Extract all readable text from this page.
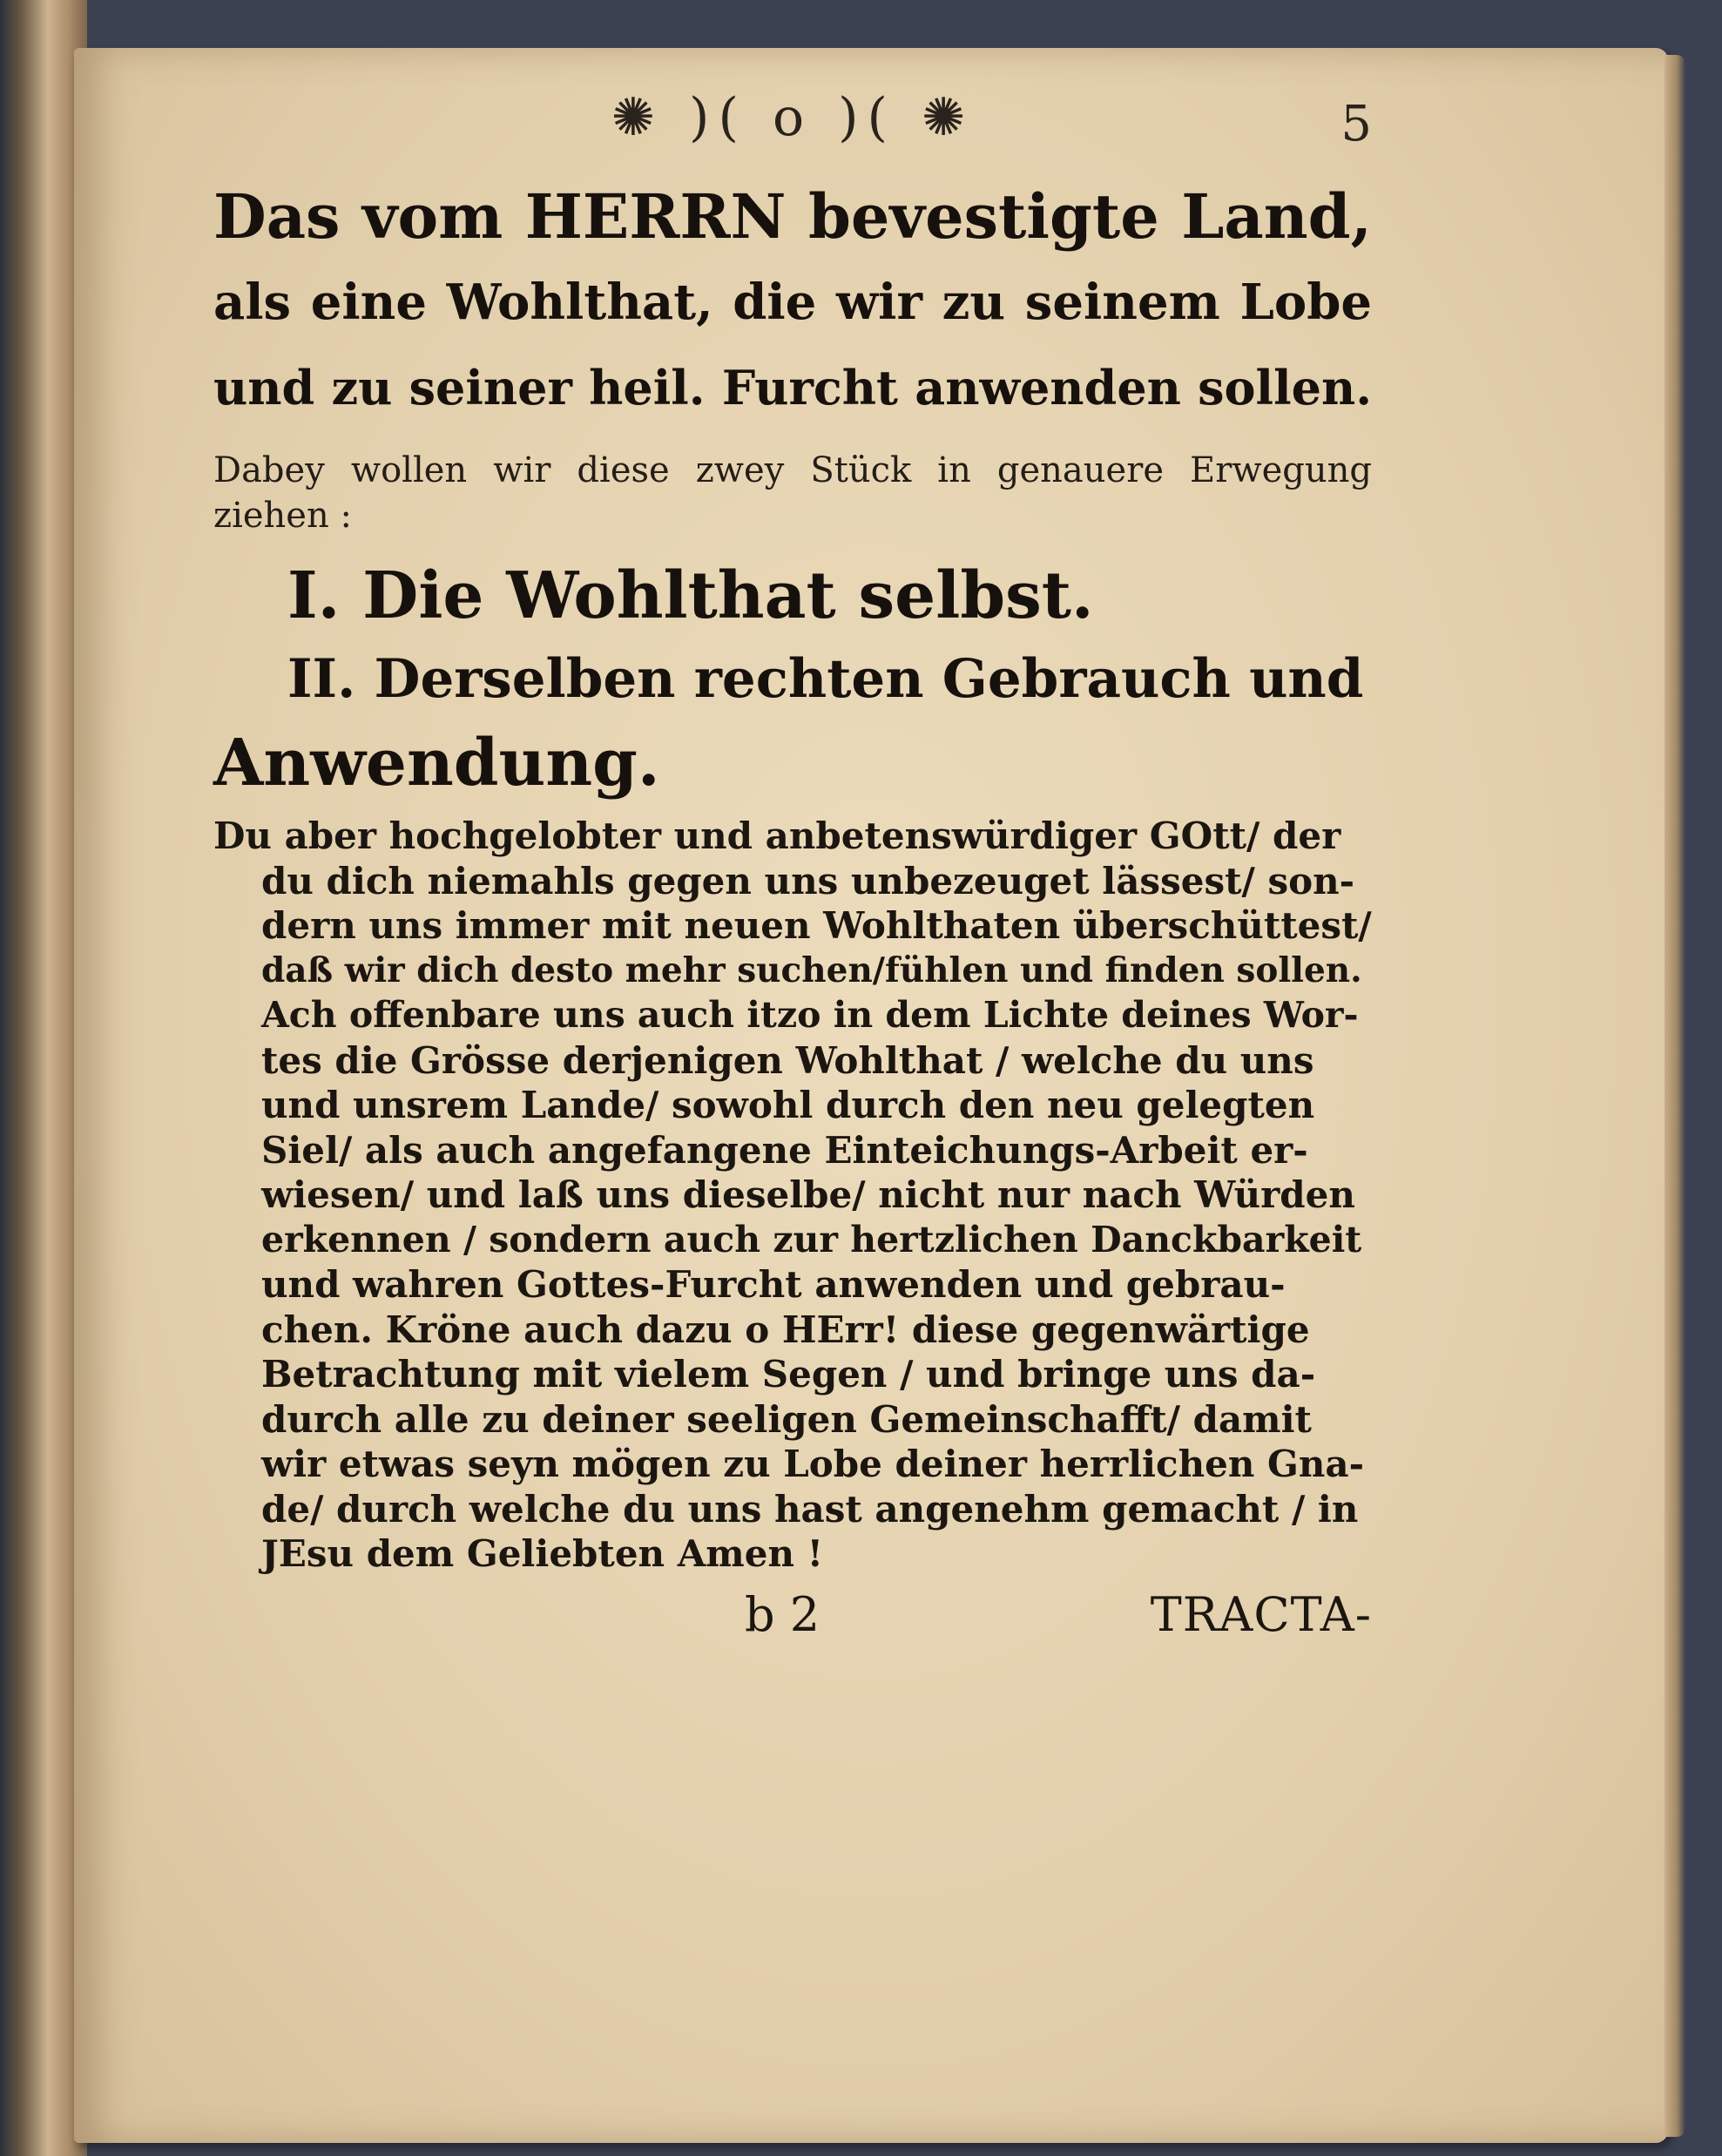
✺ )( o )( ✺	5
Das vom HERRN bevestigte Land,
als eine Wohlthat, die wir zu seinem Lobe
und zu seiner heil. Furcht anwenden sollen.
Dabey wollen wir diese zwey Stück in genauere Erwegung ziehen :
I. Die Wohlthat selbst.
II. Derselben rechten Gebrauch und
Anwendung.
Du aber hochgelobter und anbetenswürdiger GOtt/ der
du dich niemahls gegen uns unbezeuget lässest/ son-
dern uns immer mit neuen Wohlthaten überschüttest/
daß wir dich desto mehr suchen/fühlen und finden sollen.
Ach offenbare uns auch itzo in dem Lichte deines Wor-
tes die Grösse derjenigen Wohlthat / welche du uns
und unsrem Lande/ sowohl durch den neu gelegten
Siel/ als auch angefangene Einteichungs-Arbeit er-
wiesen/ und laß uns dieselbe/ nicht nur nach Würden
erkennen / sondern auch zur hertzlichen Danckbarkeit
und wahren Gottes-Furcht anwenden und gebrau-
chen. Kröne auch dazu o HErr! diese gegenwärtige
Betrachtung mit vielem Segen / und bringe uns da-
durch alle zu deiner seeligen Gemeinschafft/ damit
wir etwas seyn mögen zu Lobe deiner herrlichen Gna-
de/ durch welche du uns hast angenehm gemacht / in
JEsu dem Geliebten Amen !
b 2	TRACTA-
